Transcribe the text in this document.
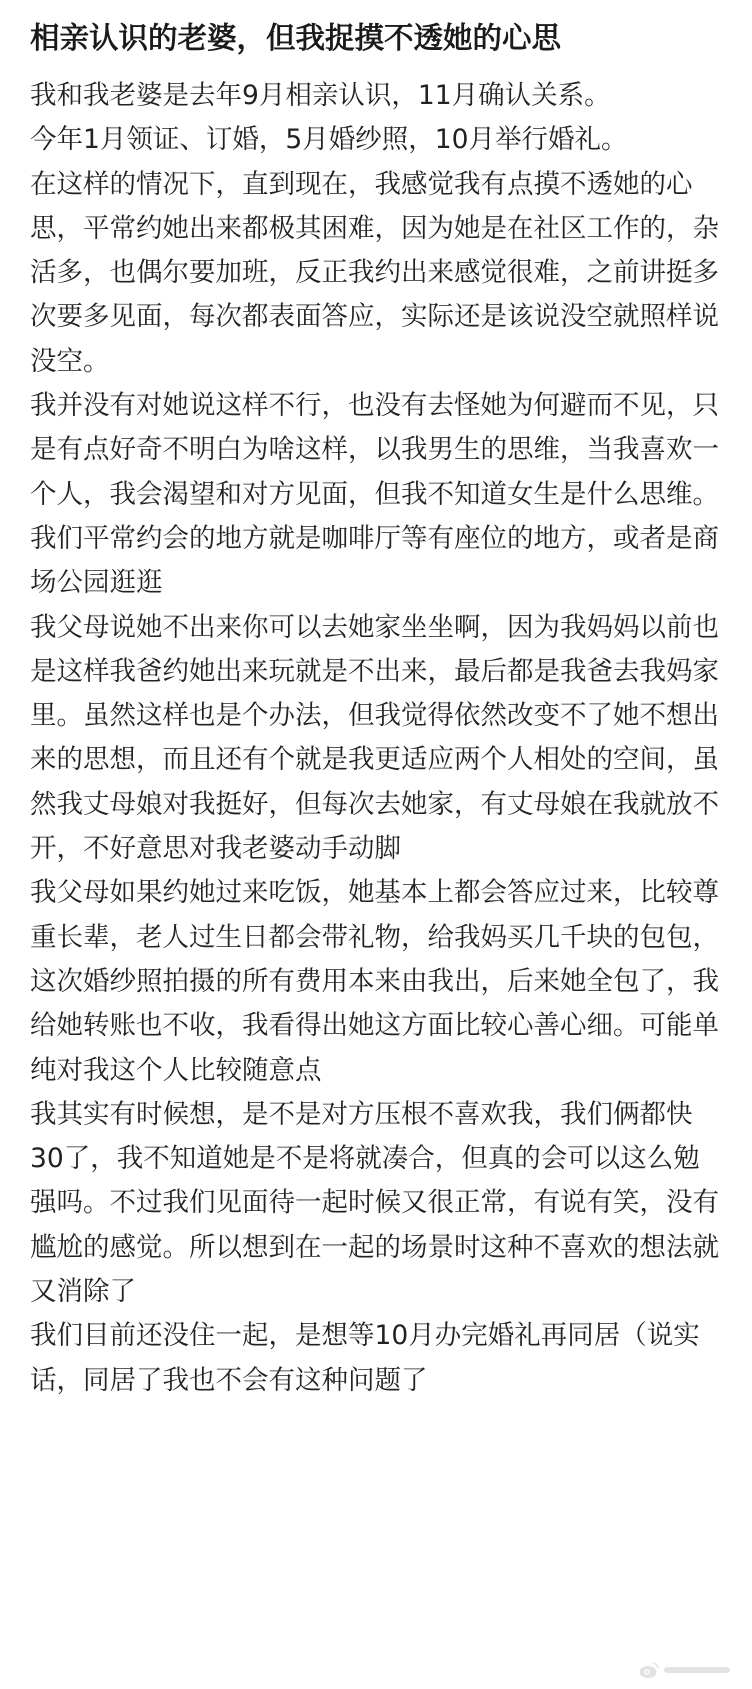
相亲认识的老婆，但我捉摸不透她的心思

我和我老婆是去年9月相亲认识，11月确认关系。

今年1月领证、订婚，5月婚纱照，10月举行婚礼。

在这样的情况下，直到现在，我感觉我有点摸不透她的心思，平常约她出来都极其困难，因为她是在社区工作的，杂活多，也偶尔要加班，反正我约出来感觉很难，之前讲挺多次要多见面，每次都表面答应，实际还是该说没空就照样说没空。

我并没有对她说这样不行，也没有去怪她为何避而不见，只是有点好奇不明白为啥这样，以我男生的思维，当我喜欢一个人，我会渴望和对方见面，但我不知道女生是什么思维。我们平常约会的地方就是咖啡厅等有座位的地方，或者是商场公园逛逛

我父母说她不出来你可以去她家坐坐啊，因为我妈妈以前也是这样我爸约她出来玩就是不出来，最后都是我爸去我妈家里。虽然这样也是个办法，但我觉得依然改变不了她不想出来的思想，而且还有个就是我更适应两个人相处的空间，虽然我丈母娘对我挺好，但每次去她家，有丈母娘在我就放不开，不好意思对我老婆动手动脚

我父母如果约她过来吃饭，她基本上都会答应过来，比较尊重长辈，老人过生日都会带礼物，给我妈买几千块的包包，这次婚纱照拍摄的所有费用本来由我出，后来她全包了，我给她转账也不收，我看得出她这方面比较心善心细。可能单纯对我这个人比较随意点

我其实有时候想，是不是对方压根不喜欢我，我们俩都快30了，我不知道她是不是将就凑合，但真的会可以这么勉强吗。不过我们见面待一起时候又很正常，有说有笑，没有尴尬的感觉。所以想到在一起的场景时这种不喜欢的想法就又消除了

我们目前还没住一起，是想等10月办完婚礼再同居（说实话，同居了我也不会有这种问题了
